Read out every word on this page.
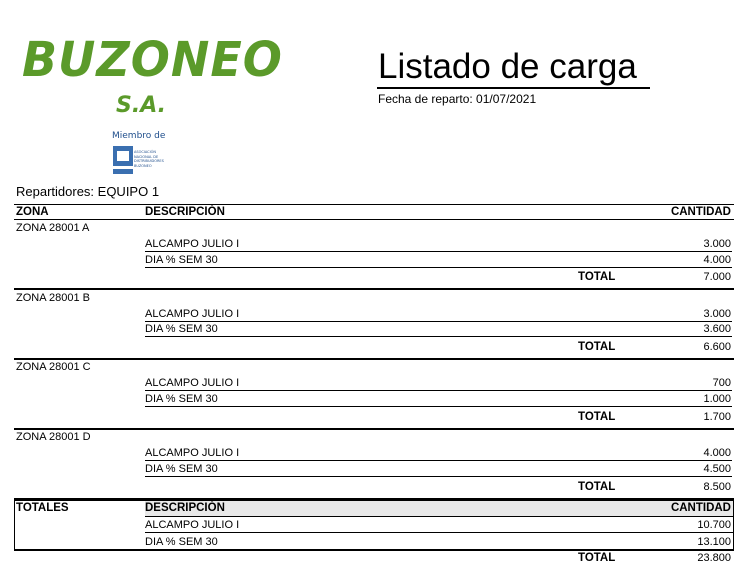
BUZONEO
S.A.
Miembro de
ASOCIACIÓN NACIONAL DE DISTRIBUIDORES BUZONEO
Listado de carga
Fecha de reparto: 01/07/2021
Repartidores: EQUIPO 1
ZONA	DESCRIPCIÓN	CANTIDAD
ZONA 28001 A
ALCAMPO JULIO I	3.000
DIA % SEM 30	4.000
TOTAL	7.000
ZONA 28001 B
ALCAMPO JULIO I	3.000
DIA % SEM 30	3.600
TOTAL	6.600
ZONA 28001 C
ALCAMPO JULIO I	700
DIA % SEM 30	1.000
TOTAL	1.700
ZONA 28001 D
ALCAMPO JULIO I	4.000
DIA % SEM 30	4.500
TOTAL	8.500
TOTALES	DESCRIPCIÓN	CANTIDAD
ALCAMPO JULIO I	10.700
DIA % SEM 30	13.100
TOTAL	23.800
